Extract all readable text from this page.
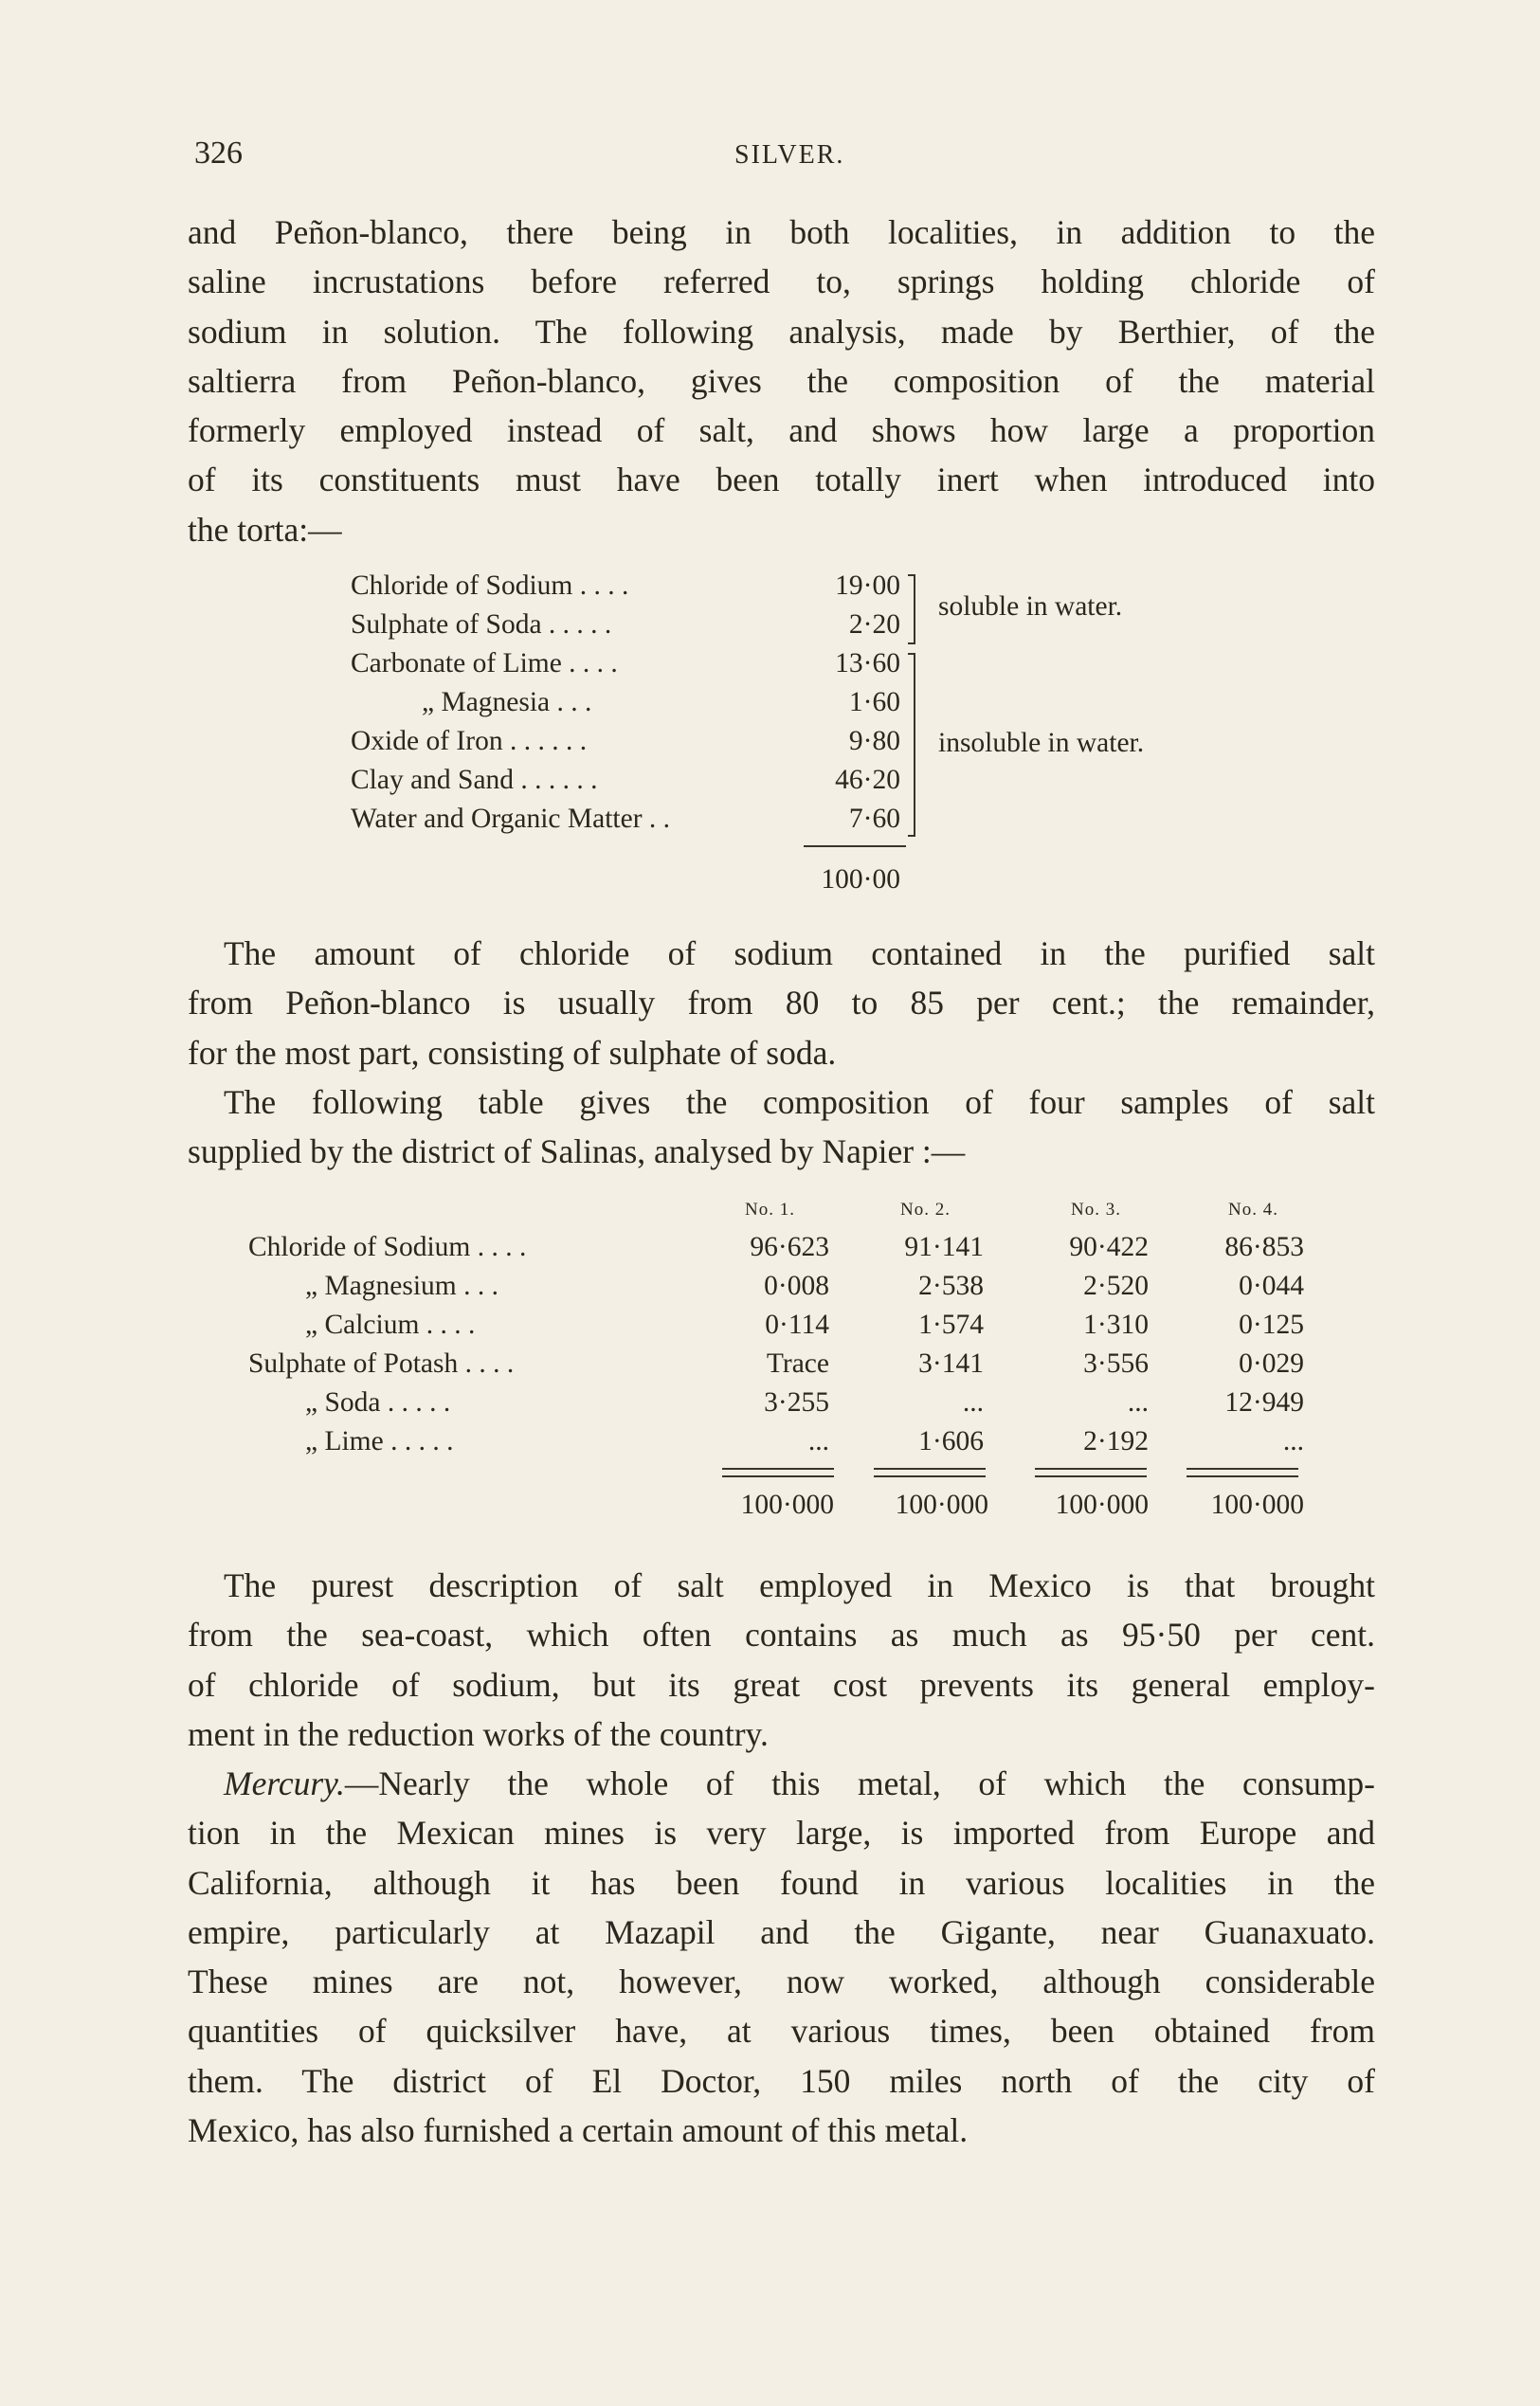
326	SILVER.
and Peñon-blanco, there being in both localities, in addition to the
saline incrustations before referred to, springs holding chloride of
sodium in solution. The following analysis, made by Berthier, of the
saltierra from Peñon-blanco, gives the composition of the material
formerly employed instead of salt, and shows how large a proportion
of its constituents must have been totally inert when introduced into
the torta:—
Chloride of Sodium . . . .	19·00
Sulphate of Soda . . . . .	2·20
Carbonate of Lime . . . .	13·60
„ Magnesia . . .	1·60
Oxide of Iron . . . . . .	9·80
Clay and Sand . . . . . .	46·20
Water and Organic Matter . .	7·60
soluble in water.
insoluble in water.
100·00
The amount of chloride of sodium contained in the purified salt
from Peñon-blanco is usually from 80 to 85 per cent.; the remainder,
for the most part, consisting of sulphate of soda.
The following table gives the composition of four samples of salt
supplied by the district of Salinas, analysed by Napier :—
No. 1.	No. 2.	No. 3.	No. 4.
Chloride of Sodium . . . .	96·623	91·141	90·422	86·853
„ Magnesium . . .	0·008	2·538	2·520	0·044
„ Calcium . . . .	0·114	1·574	1·310	0·125
Sulphate of Potash . . . .	Trace	3·141	3·556	0·029
„ Soda . . . . .	3·255	...	...	12·949
„ Lime . . . . .	...	1·606	2·192	...
100·000	100·000	100·000	100·000
The purest description of salt employed in Mexico is that brought
from the sea-coast, which often contains as much as 95·50 per cent.
of chloride of sodium, but its great cost prevents its general employ-
ment in the reduction works of the country.
Mercury.—Nearly the whole of this metal, of which the consump-
tion in the Mexican mines is very large, is imported from Europe and
California, although it has been found in various localities in the
empire, particularly at Mazapil and the Gigante, near Guanaxuato.
These mines are not, however, now worked, although considerable
quantities of quicksilver have, at various times, been obtained from
them. The district of El Doctor, 150 miles north of the city of
Mexico, has also furnished a certain amount of this metal.
